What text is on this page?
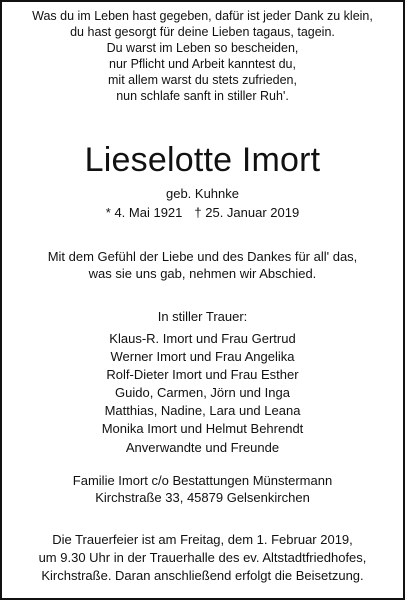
Was du im Leben hast gegeben, dafür ist jeder Dank zu klein,
du hast gesorgt für deine Lieben tagaus, tagein.
Du warst im Leben so bescheiden,
nur Pflicht und Arbeit kanntest du,
mit allem warst du stets zufrieden,
nun schlafe sanft in stiller Ruh'.
Lieselotte Imort
geb. Kuhnke
* 4. Mai 1921 † 25. Januar 2019
Mit dem Gefühl der Liebe und des Dankes für all' das,
was sie uns gab, nehmen wir Abschied.
In stiller Trauer:
Klaus-R. Imort und Frau Gertrud
Werner Imort und Frau Angelika
Rolf-Dieter Imort und Frau Esther
Guido, Carmen, Jörn und Inga
Matthias, Nadine, Lara und Leana
Monika Imort und Helmut Behrendt
Anverwandte und Freunde
Familie Imort c/o Bestattungen Münstermann
Kirchstraße 33, 45879 Gelsenkirchen
Die Trauerfeier ist am Freitag, dem 1. Februar 2019,
um 9.30 Uhr in der Trauerhalle des ev. Altstadtfriedhofes,
Kirchstraße. Daran anschließend erfolgt die Beisetzung.
